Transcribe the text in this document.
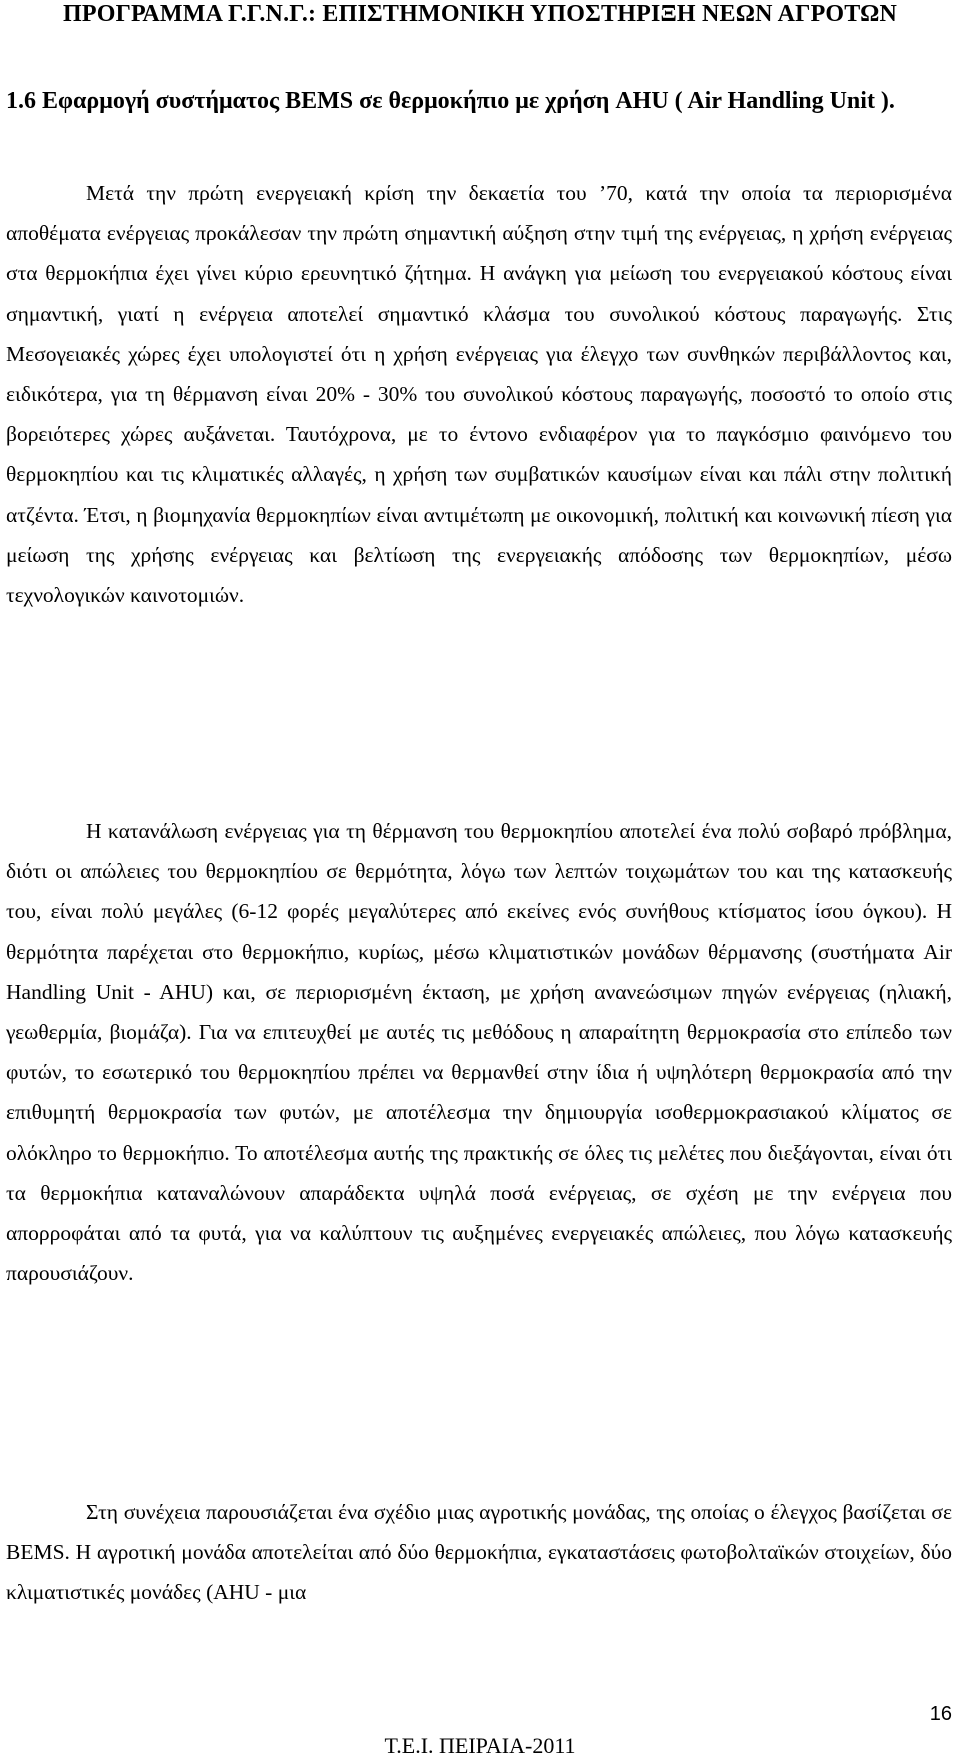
ΠΡΟΓΡΑΜΜΑ Γ.Γ.Ν.Γ.: ΕΠΙΣΤΗΜΟΝΙΚΗ ΥΠΟΣΤΗΡΙΞΗ ΝΕΩΝ ΑΓΡΟΤΩΝ
1.6 Εφαρμογή συστήματος BEMS σε θερμοκήπιο με χρήση AHU ( Air Handling Unit ).

Μετά την πρώτη ενεργειακή κρίση την δεκαετία του ’70, κατά την οποία τα περιορισμένα αποθέματα ενέργειας προκάλεσαν την πρώτη σημαντική αύξηση στην τιμή της ενέργειας, η χρήση ενέργειας στα θερμοκήπια έχει γίνει κύριο ερευνητικό ζήτημα. Η ανάγκη για μείωση του ενεργειακού κόστους είναι σημαντική, γιατί η ενέργεια αποτελεί σημαντικό κλάσμα του συνολικού κόστους παραγωγής. Στις Μεσογειακές χώρες έχει υπολογιστεί ότι η χρήση ενέργειας για έλεγχο των συνθηκών περιβάλλοντος και, ειδικότερα, για τη θέρμανση είναι 20% - 30% του συνολικού κόστους παραγωγής, ποσοστό το οποίο στις βορειότερες χώρες αυξάνεται. Ταυτόχρονα, με το έντονο ενδιαφέρον για το παγκόσμιο φαινόμενο του θερμοκηπίου και τις κλιματικές αλλαγές, η χρήση των συμβατικών καυσίμων είναι και πάλι στην πολιτική ατζέντα. Έτσι, η βιομηχανία θερμοκηπίων είναι αντιμέτωπη με οικονομική, πολιτική και κοινωνική πίεση για μείωση της χρήσης ενέργειας και βελτίωση της ενεργειακής απόδοσης των θερμοκηπίων, μέσω τεχνολογικών καινοτομιών.

Η κατανάλωση ενέργειας για τη θέρμανση του θερμοκηπίου αποτελεί ένα πολύ σοβαρό πρόβλημα, διότι οι απώλειες του θερμοκηπίου σε θερμότητα, λόγω των λεπτών τοιχωμάτων του και της κατασκευής του, είναι πολύ μεγάλες (6-12 φορές μεγαλύτερες από εκείνες ενός συνήθους κτίσματος ίσου όγκου). Η θερμότητα παρέχεται στο θερμοκήπιο, κυρίως, μέσω κλιματιστικών μονάδων θέρμανσης (συστήματα Air Handling Unit - AHU) και, σε περιορισμένη έκταση, με χρήση ανανεώσιμων πηγών ενέργειας (ηλιακή, γεωθερμία, βιομάζα). Για να επιτευχθεί με αυτές τις μεθόδους η απαραίτητη θερμοκρασία στο επίπεδο των φυτών, το εσωτερικό του θερμοκηπίου πρέπει να θερμανθεί στην ίδια ή υψηλότερη θερμοκρασία από την επιθυμητή θερμοκρασία των φυτών, με αποτέλεσμα την δημιουργία ισοθερμοκρασιακού κλίματος σε ολόκληρο το θερμοκήπιο. Το αποτέλεσμα αυτής της πρακτικής σε όλες τις μελέτες που διεξάγονται, είναι ότι τα θερμοκήπια καταναλώνουν απαράδεκτα υψηλά ποσά ενέργειας, σε σχέση με την ενέργεια που απορροφάται από τα φυτά, για να καλύπτουν τις αυξημένες ενεργειακές απώλειες, που λόγω κατασκευής παρουσιάζουν.

Στη συνέχεια παρουσιάζεται ένα σχέδιο μιας αγροτικής μονάδας, της οποίας ο έλεγχος βασίζεται σε BEMS. Η αγροτική μονάδα αποτελείται από δύο θερμοκήπια, εγκαταστάσεις φωτοβολταϊκών στοιχείων, δύο κλιματιστικές μονάδες (AHU - μια

16
Τ.Ε.Ι. ΠΕΙΡΑΙΑ-2011
